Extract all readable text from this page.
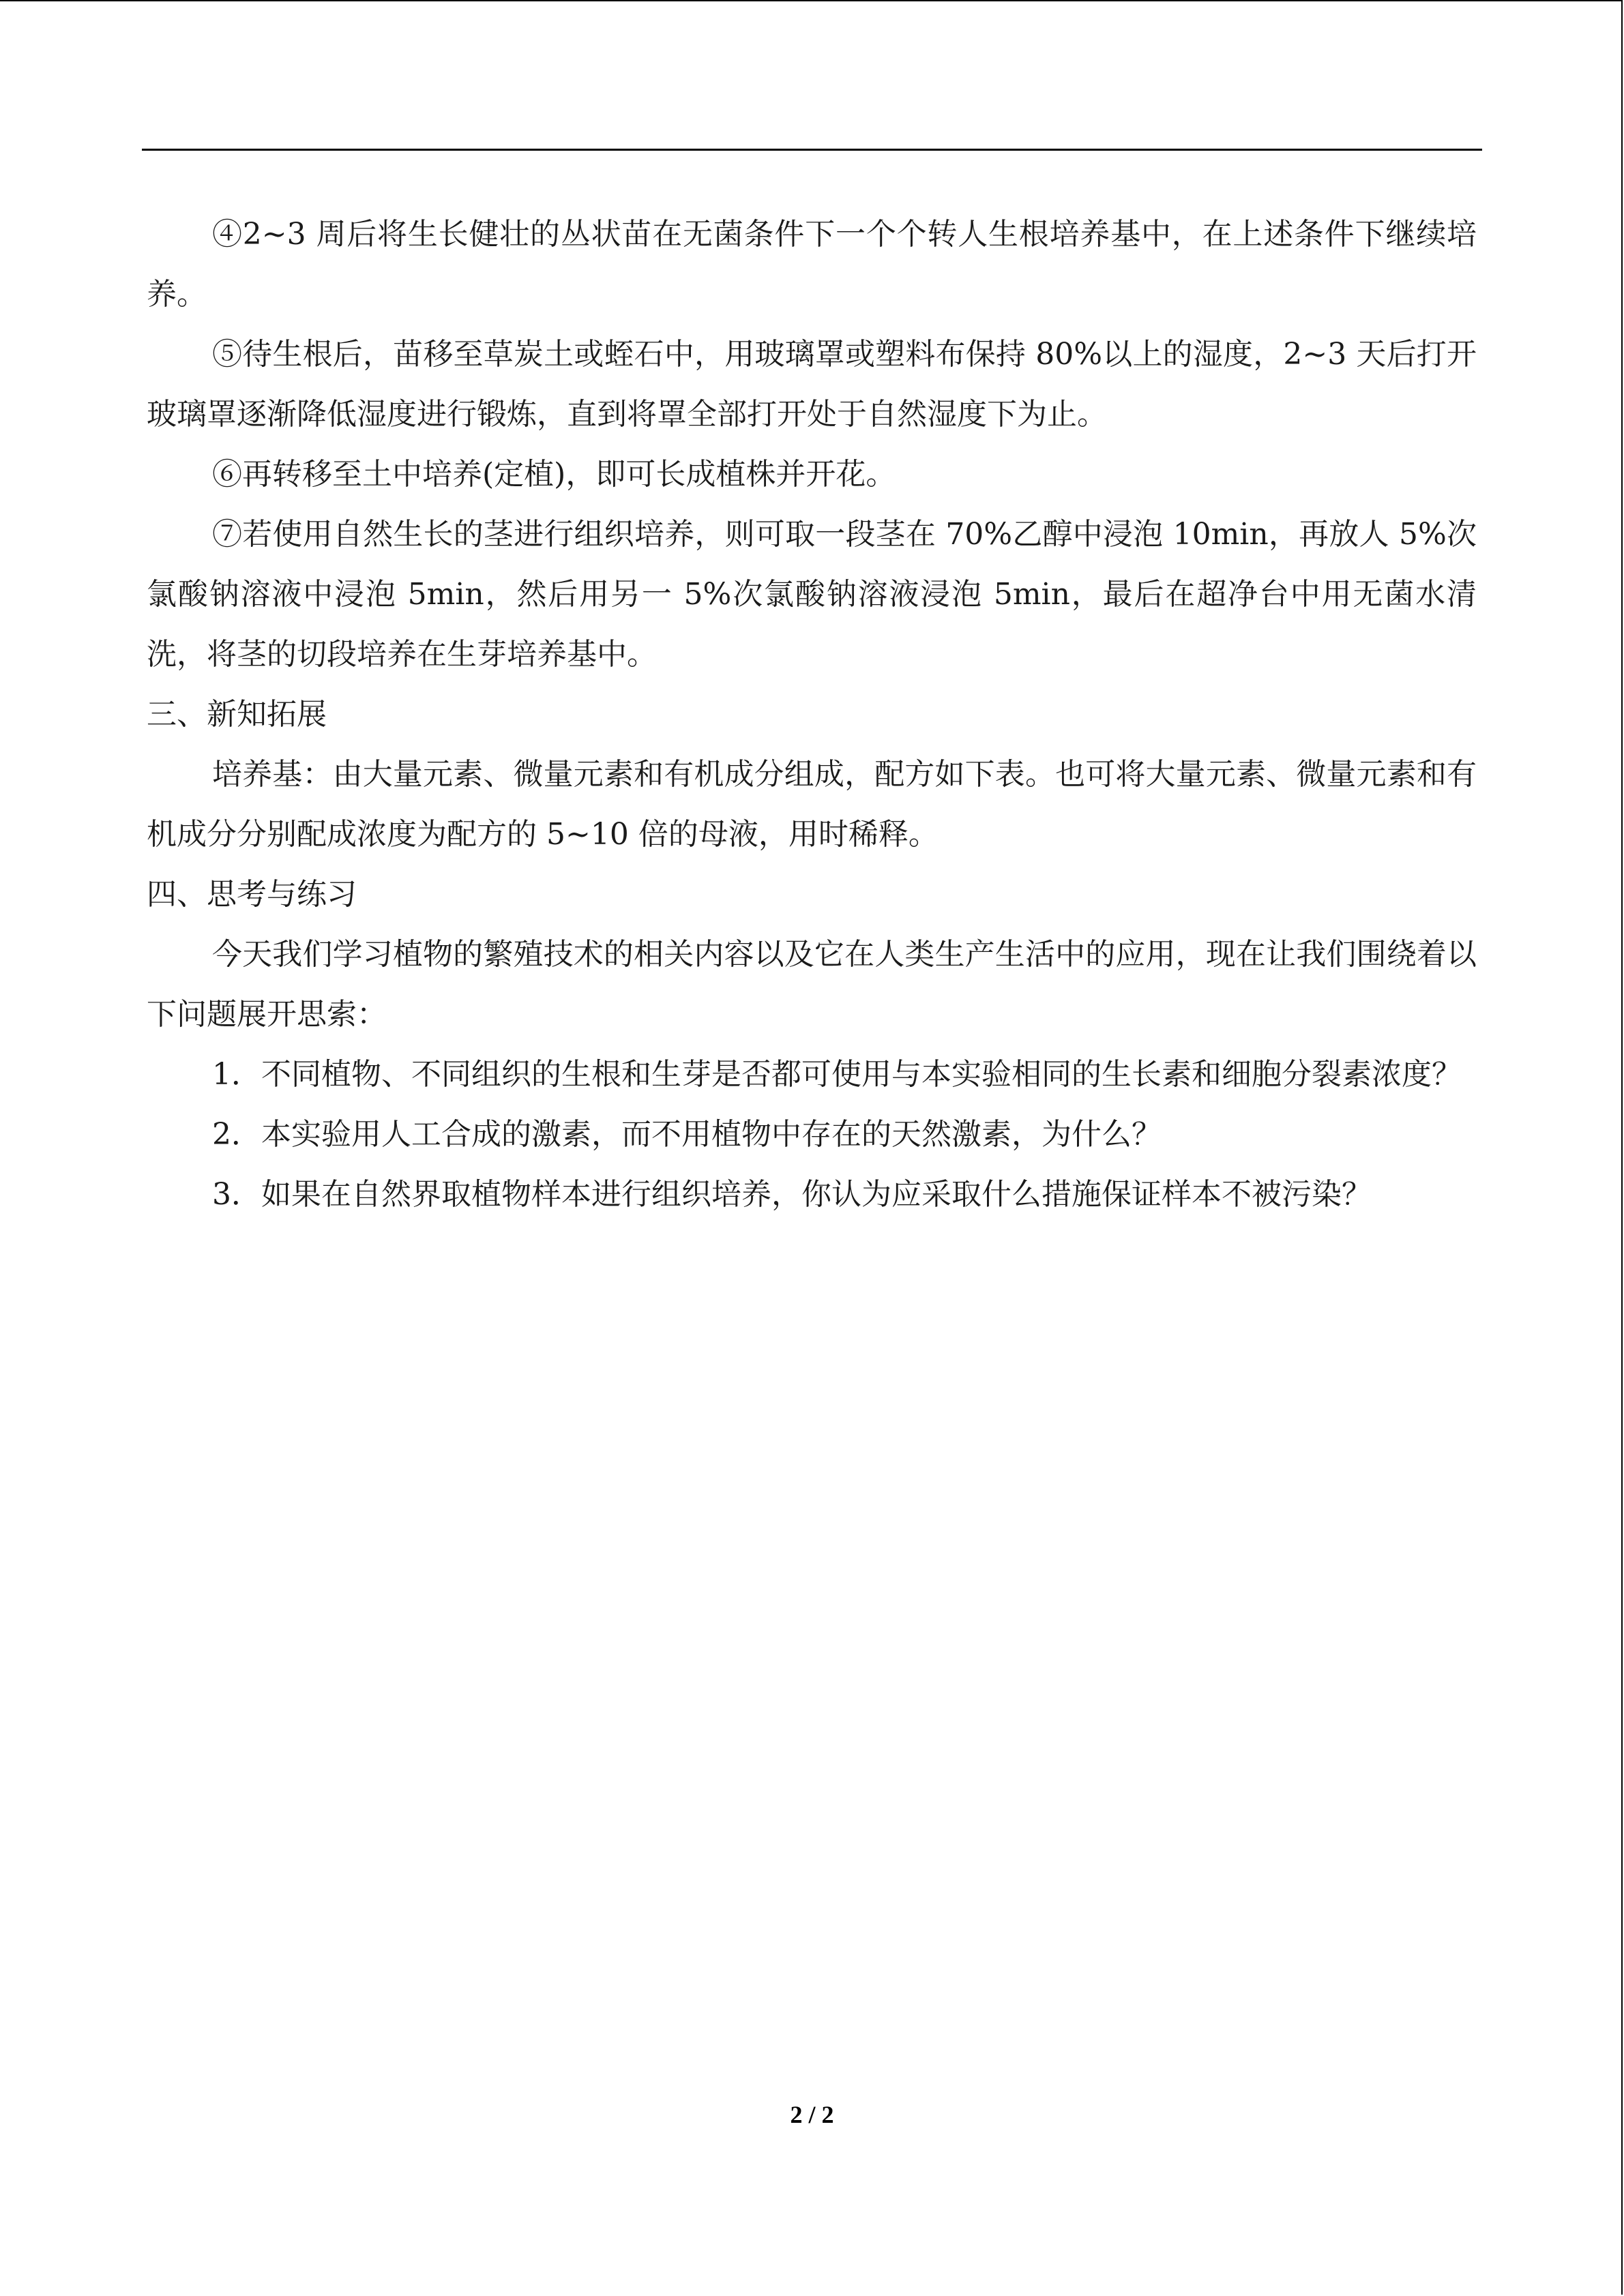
④2~3 周后将生长健壮的丛状苗在无菌条件下一个个转人生根培养基中，在上述条件下继续培养。

⑤待生根后，苗移至草炭土或蛭石中，用玻璃罩或塑料布保持 80%以上的湿度，2~3 天后打开玻璃罩逐渐降低湿度进行锻炼，直到将罩全部打开处于自然湿度下为止。

⑥再转移至土中培养(定植)，即可长成植株并开花。

⑦若使用自然生长的茎进行组织培养，则可取一段茎在 70%乙醇中浸泡 10min，再放人 5%次氯酸钠溶液中浸泡 5min，然后用另一 5%次氯酸钠溶液浸泡 5min，最后在超净台中用无菌水清洗，将茎的切段培养在生芽培养基中。

三、新知拓展

培养基：由大量元素、微量元素和有机成分组成，配方如下表。也可将大量元素、微量元素和有机成分分别配成浓度为配方的 5~10 倍的母液，用时稀释。

四、思考与练习

今天我们学习植物的繁殖技术的相关内容以及它在人类生产生活中的应用，现在让我们围绕着以下问题展开思索：

1．不同植物、不同组织的生根和生芽是否都可使用与本实验相同的生长素和细胞分裂素浓度？

2．本实验用人工合成的激素，而不用植物中存在的天然激素，为什么？

3．如果在自然界取植物样本进行组织培养，你认为应采取什么措施保证样本不被污染？

2 / 2
